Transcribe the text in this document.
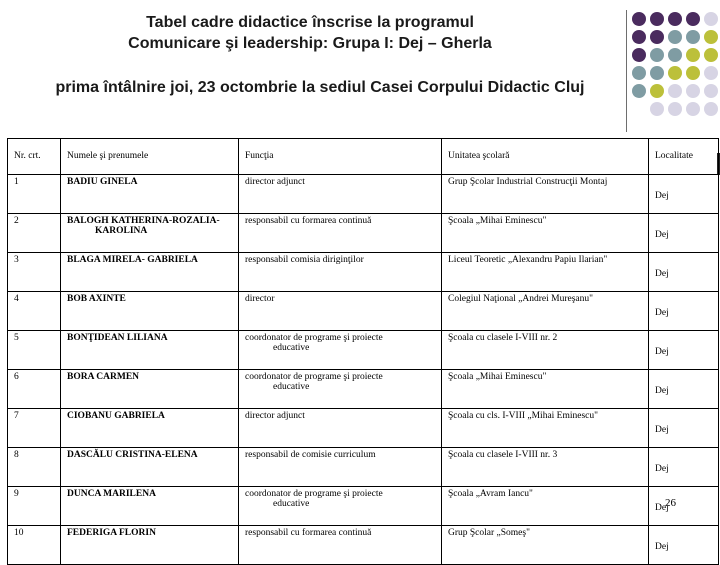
Tabel cadre didactice înscrise la programul
Comunicare şi leadership: Grupa I: Dej – Gherla
prima întâlnire joi, 23 octombrie la sediul Casei Corpului Didactic Cluj
Nr. crt.	Numele şi prenumele	Funcţia	Unitatea şcolară	Localitate
1	BADIU GINELA	director adjunct	Grup Şcolar Industrial Construcţii Montaj	Dej
2	BALOGH KATHERINA-ROZALIA-
KAROLINA	responsabil cu formarea continuă	Şcoala „Mihai Eminescu"	Dej
3	BLAGA MIRELA- GABRIELA	responsabil comisia diriginţilor	Liceul Teoretic „Alexandru Papiu Ilarian"	Dej
4	BOB AXINTE	director	Colegiul Naţional „Andrei Mureşanu"	Dej
5	BONŢIDEAN LILIANA	coordonator de programe şi proiecte
educative	Şcoala cu clasele I-VIII nr. 2	Dej
6	BORA CARMEN	coordonator de programe şi proiecte
educative	Şcoala „Mihai Eminescu"	Dej
7	CIOBANU GABRIELA	director adjunct	Şcoala cu cls. I-VIII „Mihai Eminescu"	Dej
8	DASCĂLU CRISTINA-ELENA	responsabil de comisie curriculum	Şcoala cu clasele I-VIII nr. 3	Dej
9	DUNCA MARILENA	coordonator de programe şi proiecte
educative	Şcoala „Avram Iancu"	Dej
10	FEDERIGA FLORIN	responsabil cu formarea continuă	Grup Şcolar „Someş"	Dej
26
